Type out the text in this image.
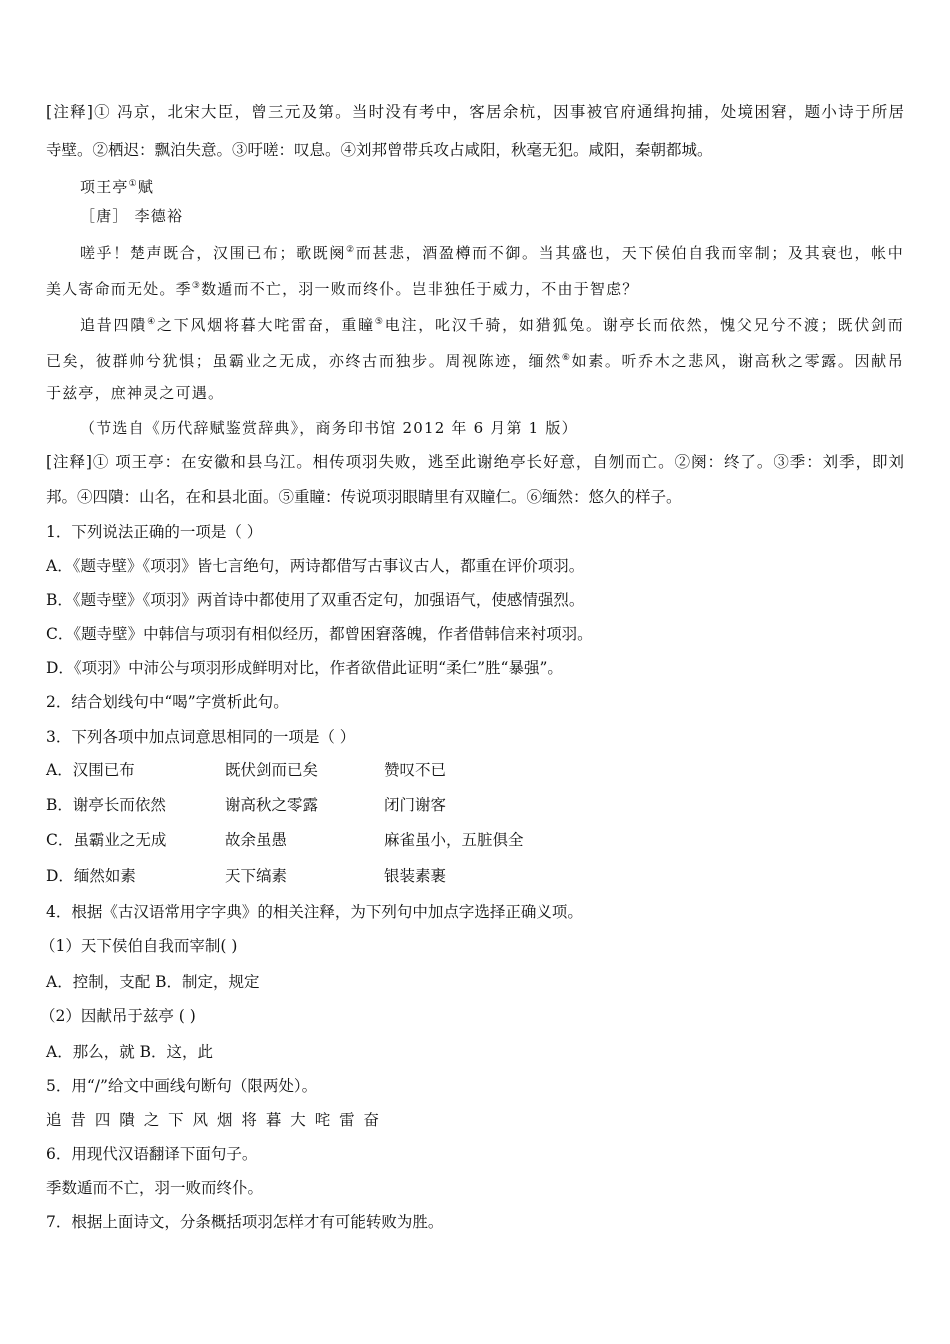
[注释]① 冯京，北宋大臣，曾三元及第。当时没有考中，客居余杭，因事被官府通缉拘捕，处境困窘，题小诗于所居
寺壁。②栖迟：飘泊失意。③吁嗟：叹息。④刘邦曾带兵攻占咸阳，秋毫无犯。咸阳，秦朝都城。
项王亭①赋
［唐］ 李德裕
嗟乎！楚声既合，汉围已布；歌既阕②而甚悲，酒盈樽而不御。当其盛也，天下侯伯自我而宰制；及其衰也，帐中
美人寄命而无处。季③数遁而不亡，羽一败而终仆。岂非独任于威力，不由于智虑？
追昔四隤④之下风烟将暮大咤雷奋，重瞳⑤电注，叱汉千骑，如猎狐兔。谢亭长而依然，愧父兄兮不渡；既伏剑而
已矣，彼群帅兮犹惧；虽霸业之无成，亦终古而独步。周视陈迹，缅然⑥如素。听乔木之悲风，谢高秋之零露。因献吊
于兹亭，庶神灵之可遇。
（节选自《历代辞赋鉴赏辞典》，商务印书馆 2012 年 6 月第 1 版）
[注释]① 项王亭：在安徽和县乌江。相传项羽失败，逃至此谢绝亭长好意，自刎而亡。②阕：终了。③季：刘季，即刘
邦。④四隤：山名，在和县北面。⑤重瞳：传说项羽眼睛里有双瞳仁。⑥缅然：悠久的样子。
1．下列说法正确的一项是（ ）
A．《题寺壁》《项羽》皆七言绝句，两诗都借写古事议古人，都重在评价项羽。
B．《题寺壁》《项羽》两首诗中都使用了双重否定句，加强语气，使感情强烈。
C．《题寺壁》中韩信与项羽有相似经历，都曾困窘落魄，作者借韩信来衬项羽。
D．《项羽》中沛公与项羽形成鲜明对比，作者欲借此证明“柔仁”胜“暴强”。
2．结合划线句中“喝”字赏析此句。
3．下列各项中加点词意思相同的一项是（ ）
A．汉围已布	既伏剑而已矣	赞叹不已

B．谢亭长而依然	谢高秋之零露	闭门谢客

C．虽霸业之无成	故余虽愚	麻雀虽小，五脏俱全

D．缅然如素	天下缟素	银装素裹

4．根据《古汉语常用字字典》的相关注释，为下列句中加点字选择正确义项。
（1）天下侯伯自我而宰制( )
A．控制，支配 B．制定，规定
（2）因献吊于兹亭 ( )
A．那么，就 B．这，此
5．用“/”给文中画线句断句（限两处）。
追 昔 四 隤 之 下 风 烟 将 暮 大 咤 雷 奋
6．用现代汉语翻译下面句子。
季数遁而不亡，羽一败而终仆。
7．根据上面诗文，分条概括项羽怎样才有可能转败为胜。
